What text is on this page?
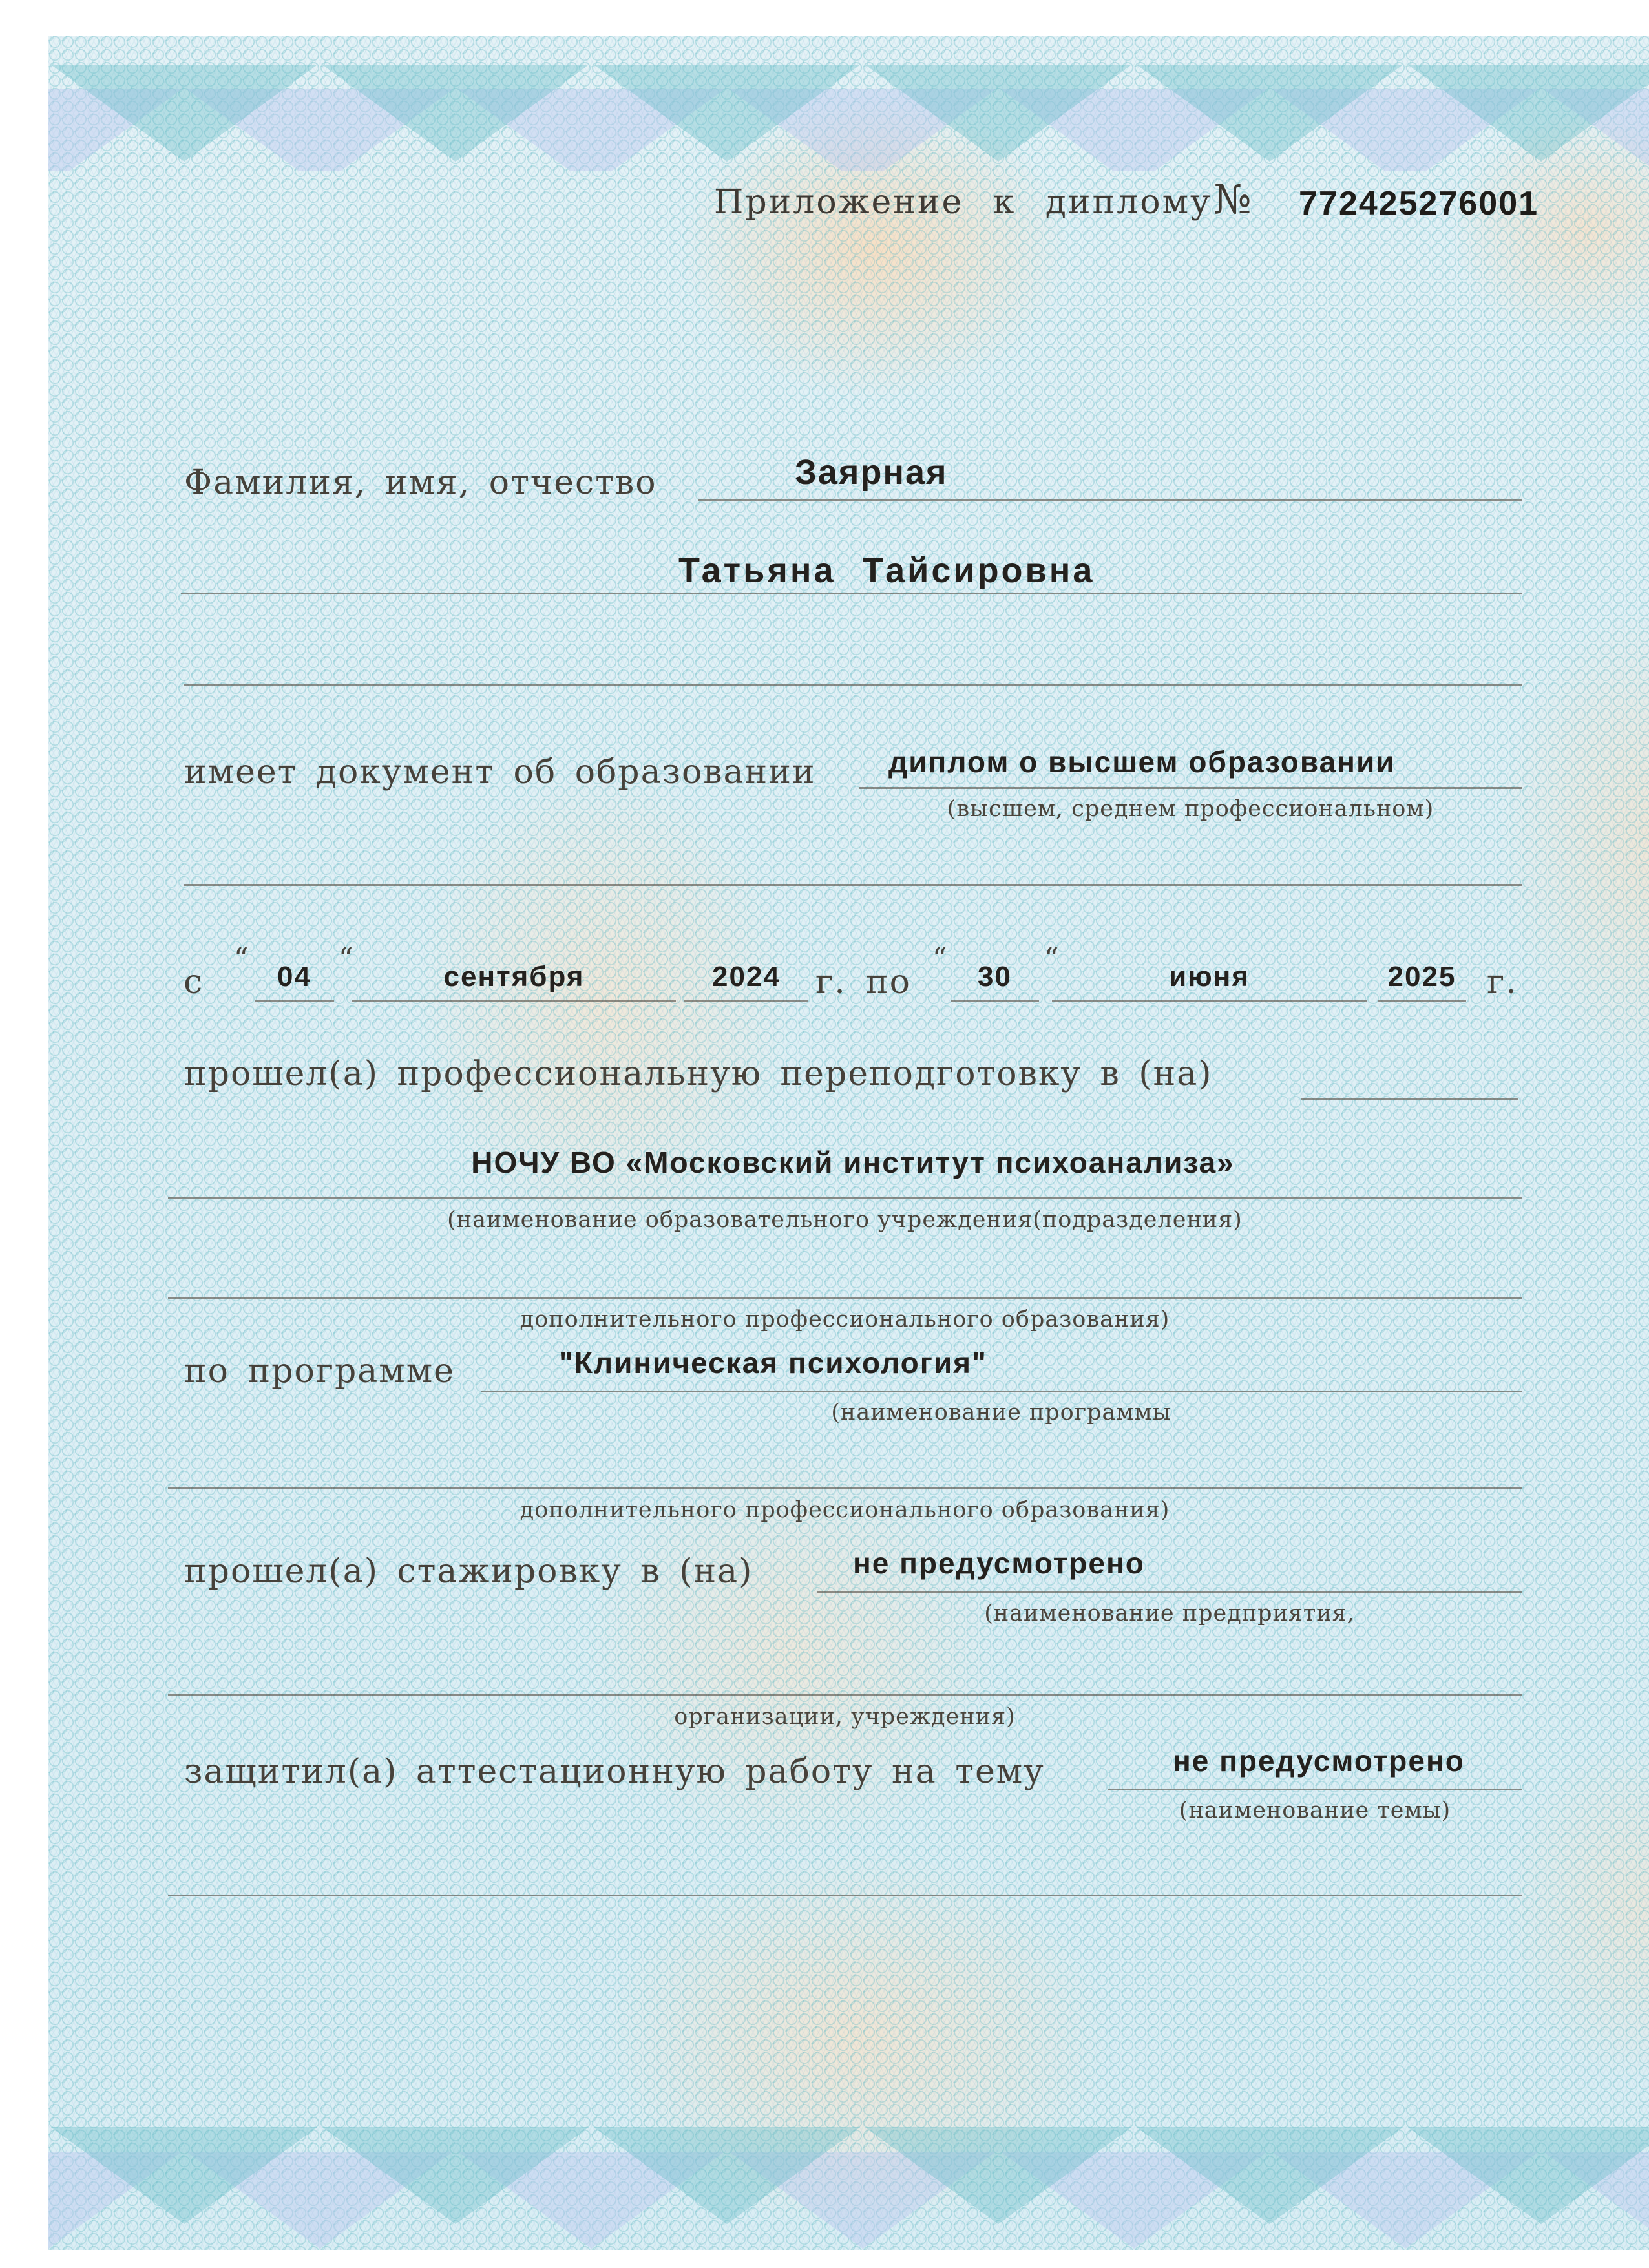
Приложение к диплому № 772425276001
Фамилия, имя, отчество	Заярная
Татьяна Тайсировна
имеет документ об образовании диплом о высшем образовании
(высшем, среднем профессиональном)
с
“
04
“
сентября	2024	г. по
“
30
“
июня	2025 г.
прошел(а) профессиональную переподготовку в (на)
НОЧУ ВО «Московский институт психоанализа»
(наименование образовательного учреждения(подразделения)
дополнительного профессионального образования)
по программе	"Клиническая психология"
(наименование программы
дополнительного профессионального образования)
прошел(а) стажировку в (на)	не предусмотрено
(наименование предприятия,
организации, учреждения)
защитил(а) аттестационную работу на тему	не предусмотрено
(наименование темы)
